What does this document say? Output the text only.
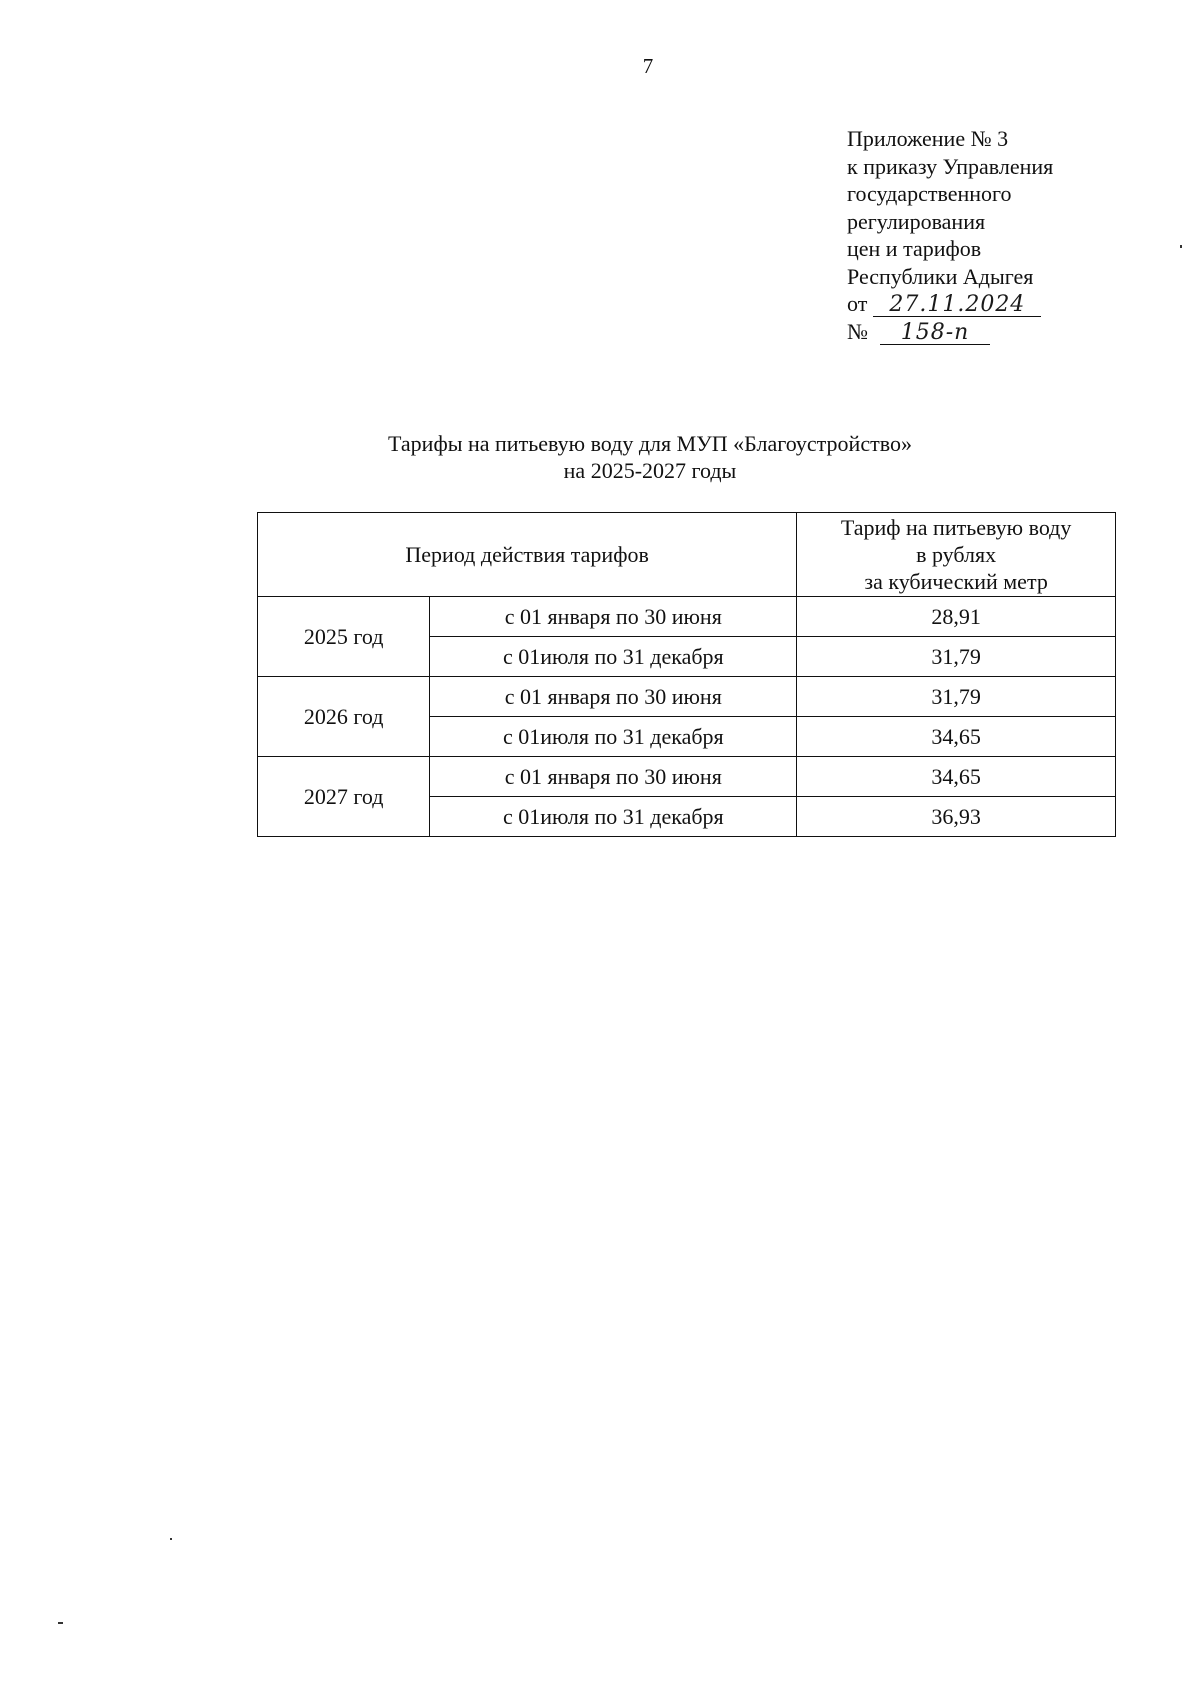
7
Приложение № 3
к приказу Управления
государственного
регулирования
цен и тарифов
Республики Адыгея
от 27.11.2024
№ 158-п
Тарифы на питьевую воду для МУП «Благоустройство»
на 2025-2027 годы
Период действия тарифов		Тариф на питьевую воду
в рублях
за кубический метр

2025 год	с 01 января по 30 июня	28,91
	с 01июля по 31 декабря	31,79
2026 год	с 01 января по 30 июня	31,79
	с 01июля по 31 декабря	34,65
2027 год	с 01 января по 30 июня	34,65
	с 01июля по 31 декабря	36,93
